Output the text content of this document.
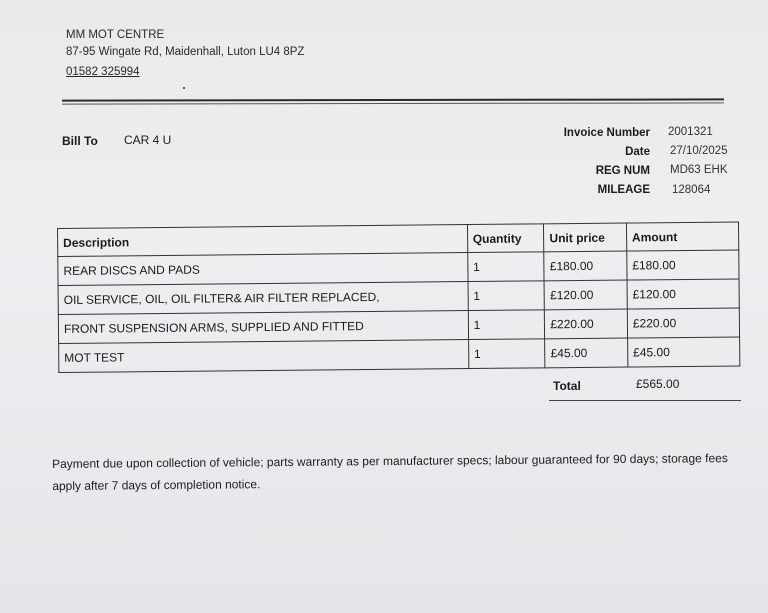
MM MOT CENTRE
87-95 Wingate Rd, Maidenhall, Luton LU4 8PZ
01582 325994
Bill To CAR 4 U	Invoice Number 2001321
Date 27/10/2025
REG NUM MD63 EHK
MILEAGE 128064
Description	Quantity	Unit price	Amount
REAR DISCS AND PADS	1	£180.00	£180.00
OIL SERVICE, OIL, OIL FILTER& AIR FILTER REPLACED,	1	£120.00	£120.00
FRONT SUSPENSION ARMS, SUPPLIED AND FITTED	1	£220.00	£220.00
MOT TEST	1	£45.00	£45.00
Total	£565.00
Payment due upon collection of vehicle; parts warranty as per manufacturer specs; labour guaranteed for 90 days; storage fees apply after 7 days of completion notice.
